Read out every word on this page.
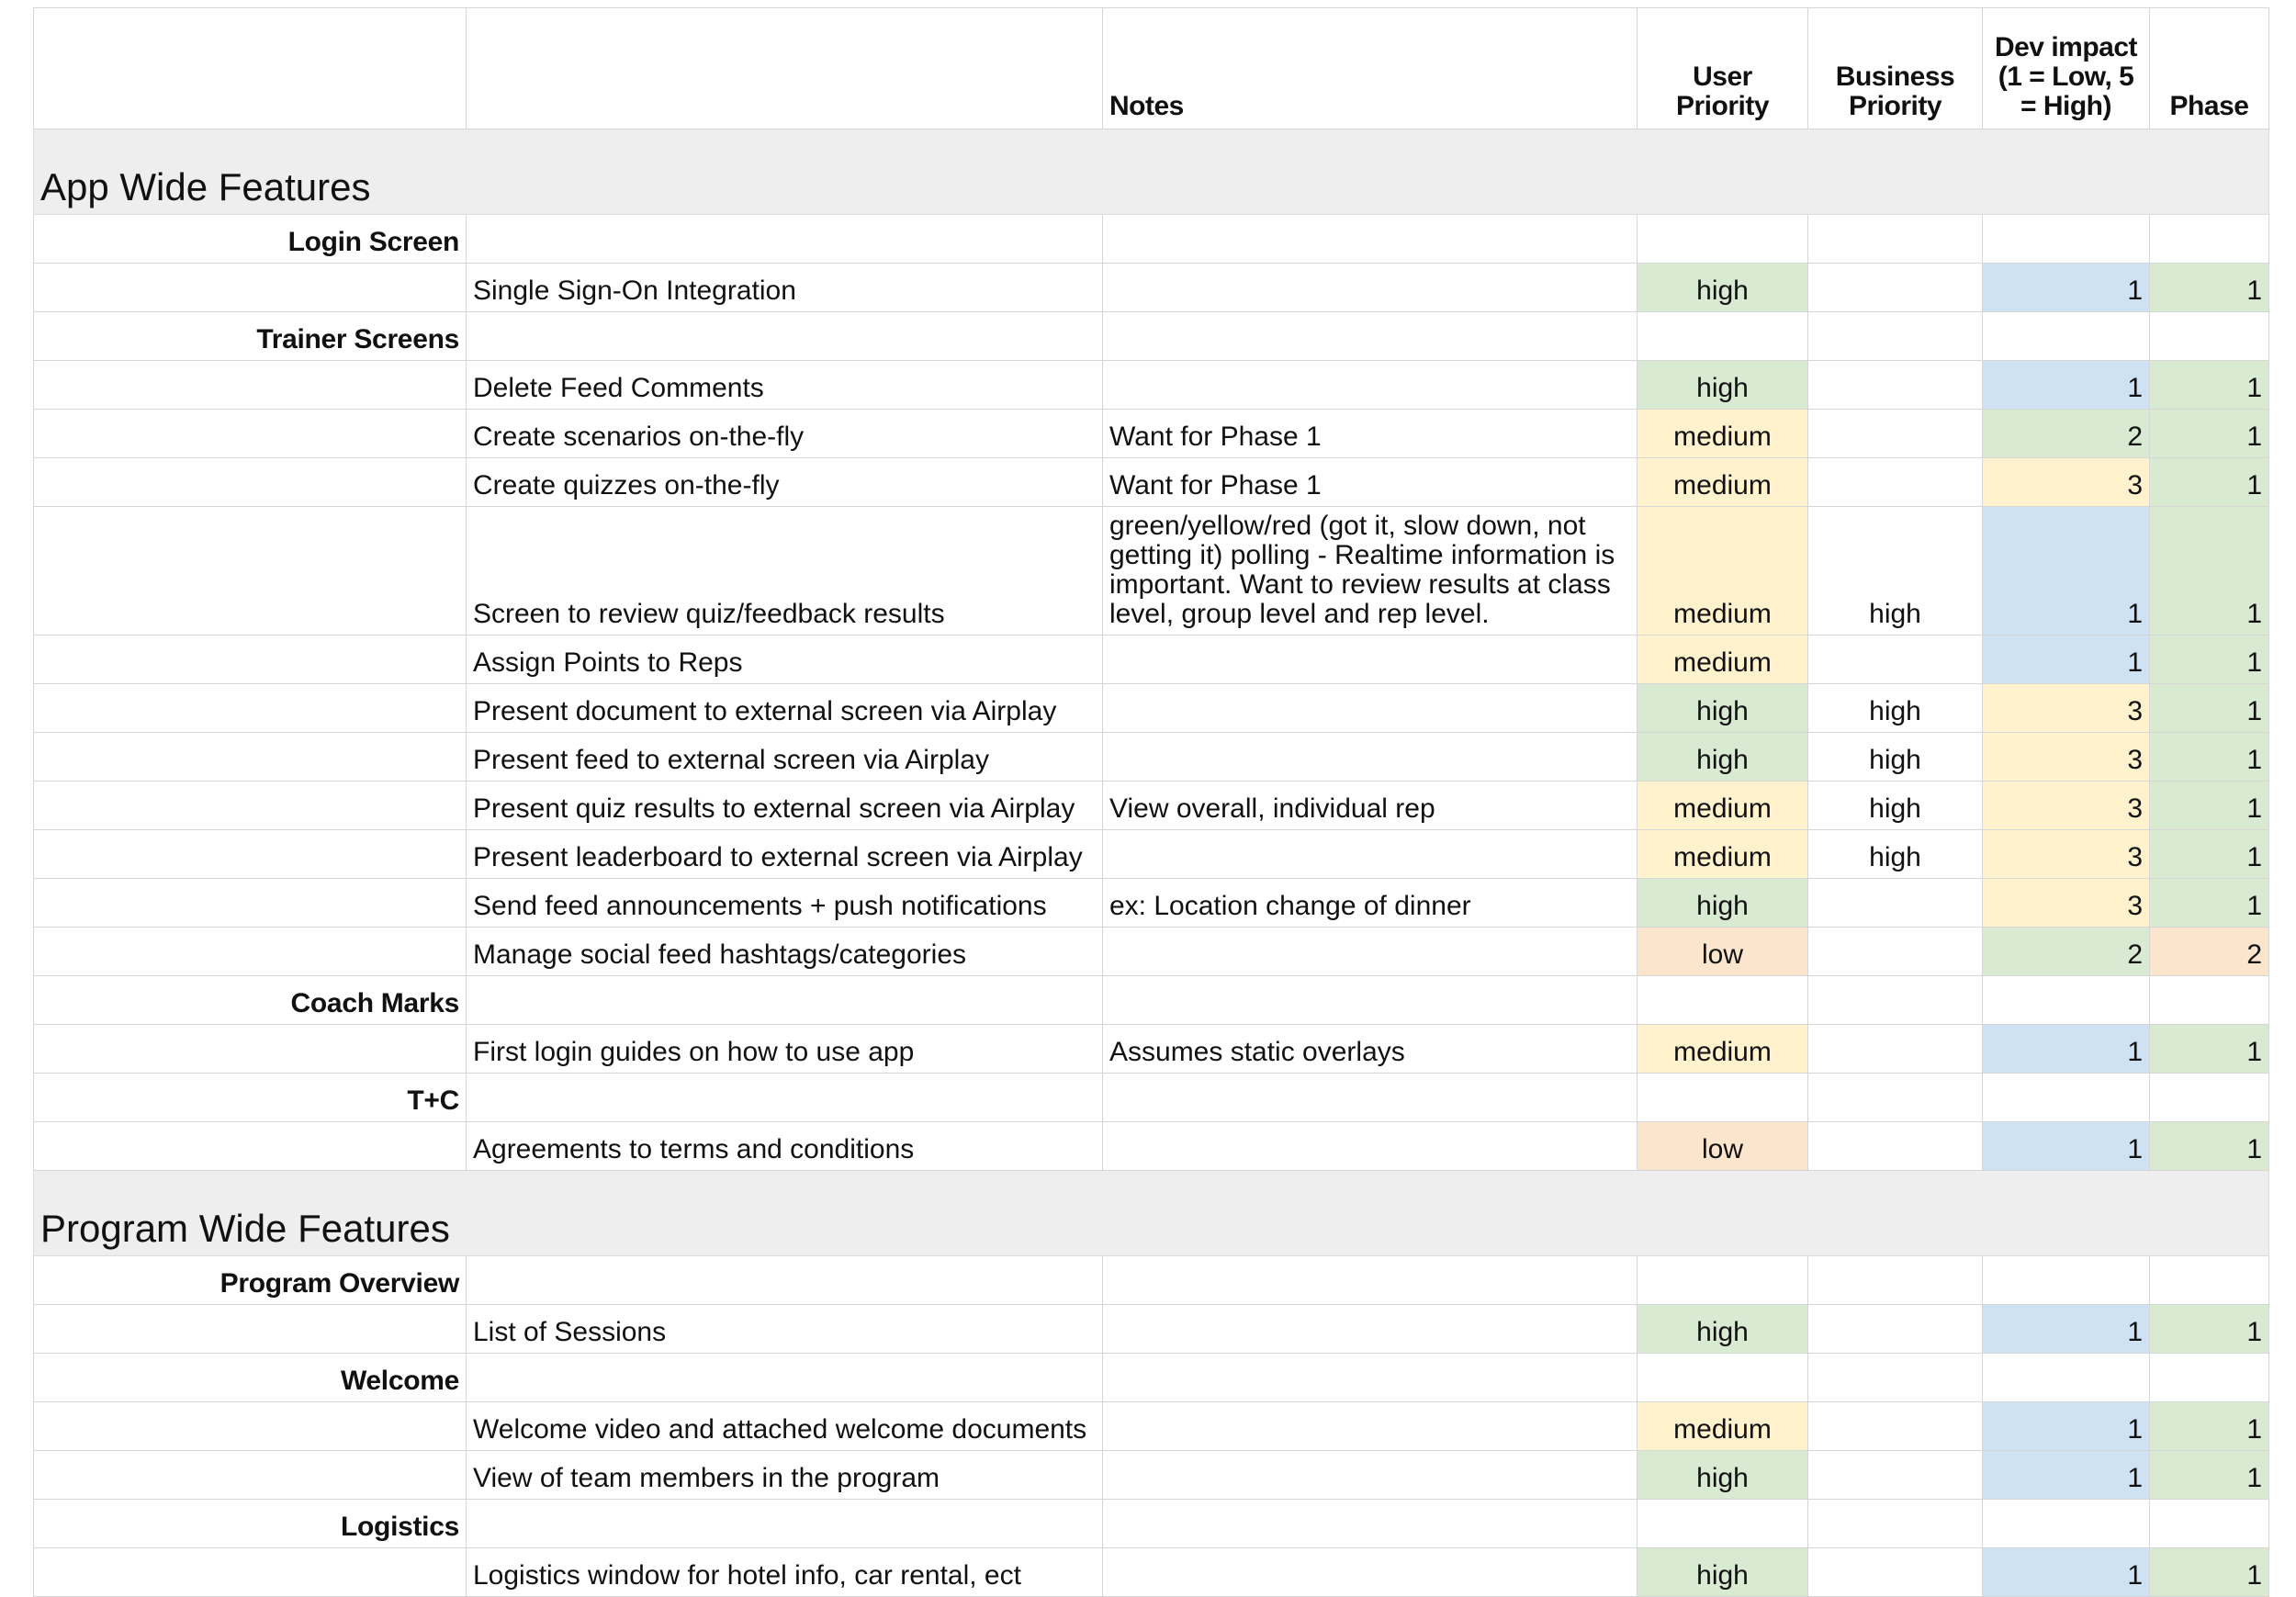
		Notes	User Priority	Business Priority	Dev impact (1 = Low, 5 = High)	Phase
App Wide Features						
Login Screen						
	Single Sign-On Integration		high		1	1
Trainer Screens						
	Delete Feed Comments		high		1	1
	Create scenarios on-the-fly	Want for Phase 1	medium		2	1
	Create quizzes on-the-fly	Want for Phase 1	medium		3	1
	Screen to review quiz/feedback results	green/yellow/red (got it, slow down, not getting it) polling - Realtime information is important. Want to review results at class level, group level and rep level.	medium	high	1	1
	Assign Points to Reps		medium		1	1
	Present document to external screen via Airplay		high	high	3	1
	Present feed to external screen via Airplay		high	high	3	1
	Present quiz results to external screen via Airplay	View overall, individual rep	medium	high	3	1
	Present leaderboard to external screen via Airplay		medium	high	3	1
	Send feed announcements + push notifications	ex: Location change of dinner	high		3	1
	Manage social feed hashtags/categories		low		2	2
Coach Marks						
	First login guides on how to use app	Assumes static overlays	medium		1	1
T+C						
	Agreements to terms and conditions		low		1	1
Program Wide Features						
Program Overview						
	List of Sessions		high		1	1
Welcome						
	Welcome video and attached welcome documents		medium		1	1
	View of team members in the program		high		1	1
Logistics						
	Logistics window for hotel info, car rental, ect		high		1	1
